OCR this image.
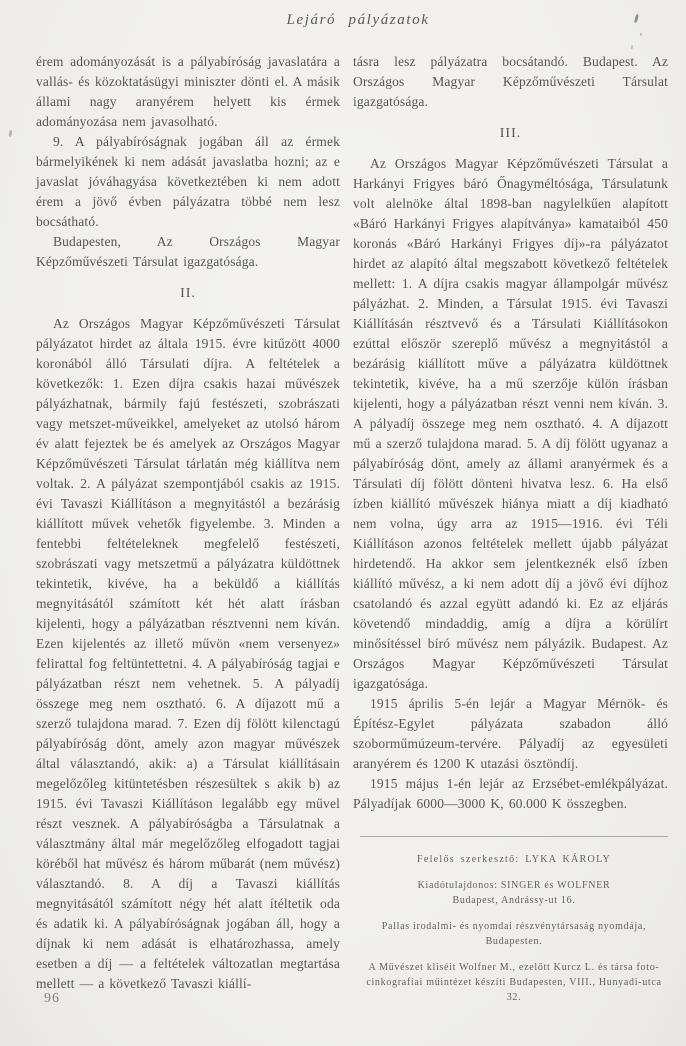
Lejáró pályázatok

érem adományozását is a pályabíróság javaslatára a vallás- és közoktatásügyi miniszter dönti el. A másik állami nagy aranyérem helyett kis érmek adományozása nem javasolható.

9. A pályabíróságnak jogában áll az érmek bármelyikének ki nem adását javaslatba hozni; az e javaslat jóváhagyása következtében ki nem adott érem a jövő évben pályázatra többé nem lesz bocsátható.

Budapesten, Az Országos Magyar Képzőművészeti Társulat igazgatósága.

II.

Az Országos Magyar Képzőművészeti Társulat pályázatot hirdet az általa 1915. évre kitűzött 4000 koronából álló Társulati díjra. A feltételek a következők: 1. Ezen díjra csakis hazai művészek pályázhatnak, bármily fajú festészeti, szobrászati vagy metszet-műveikkel, amelyeket az utolsó három év alatt fejeztek be és amelyek az Országos Magyar Képzőművészeti Társulat tárlatán még kiállítva nem voltak. 2. A pályázat szempontjából csakis az 1915. évi Tavaszi Kiállításon a megnyitástól a bezárásig kiállított művek vehetők figyelembe. 3. Minden a fentebbi feltételeknek megfelelő festészeti, szobrászati vagy metszetmű a pályázatra küldöttnek tekintetik, kivéve, ha a beküldő a kiállítás megnyitásától számított két hét alatt írásban kijelenti, hogy a pályázatban résztvenni nem kíván. Ezen kijelentés az illető művön «nem versenyez» felirattal fog feltüntettetni. 4. A pályabíróság tagjai e pályázatban részt nem vehetnek. 5. A pályadíj összege meg nem osztható. 6. A díjazott mű a szerző tulajdona marad. 7. Ezen díj fölött kilenctagú pályabíróság dönt, amely azon magyar művészek által választandó, akik: a) a Társulat kiállításain megelőzőleg kitüntetésben részesültek s akik b) az 1915. évi Tavaszi Kiállításon legalább egy művel részt vesznek. A pályabíróságba a Társulatnak a választmány által már megelőzőleg elfogadott tagjai köréből hat művész és három műbarát (nem művész) választandó. 8. A díj a Tavaszi kiállítás megnyitásától számított négy hét alatt ítéltetik oda és adatik ki. A pályabíróságnak jogában áll, hogy a díjnak ki nem adását is elhatározhassa, amely esetben a díj — a feltételek változatlan megtartása mellett — a következő Tavaszi kiállí-

tásra lesz pályázatra bocsátandó. Budapest. Az Országos Magyar Képzőművészeti Társulat igazgatósága.

III.

Az Országos Magyar Képzőművészeti Társulat a Harkányi Frigyes báró Őnagyméltósága, Társulatunk volt alelnöke által 1898-ban nagylelkűen alapított «Báró Harkányi Frigyes alapítványa» kamataiból 450 koronás «Báró Harkányi Frigyes díj»-ra pályázatot hirdet az alapító által megszabott következő feltételek mellett: 1. A díjra csakis magyar állampolgár művész pályázhat. 2. Minden, a Társulat 1915. évi Tavaszi Kiállításán résztvevő és a Társulati Kiállításokon ezúttal először szereplő művész a megnyitástól a bezárásig kiállított műve a pályázatra küldöttnek tekintetik, kivéve, ha a mű szerzője külön írásban kijelenti, hogy a pályázatban részt venni nem kíván. 3. A pályadíj összege meg nem osztható. 4. A díjazott mű a szerző tulajdona marad. 5. A díj fölött ugyanaz a pályabíróság dönt, amely az állami aranyérmek és a Társulati díj fölött dönteni hivatva lesz. 6. Ha első ízben kiállító művészek hiánya miatt a díj kiadható nem volna, úgy arra az 1915—1916. évi Téli Kiállításon azonos feltételek mellett újabb pályázat hirdetendő. Ha akkor sem jelentkeznék első ízben kiállító művész, a ki nem adott díj a jövő évi díjhoz csatolandó és azzal együtt adandó ki. Ez az eljárás követendő mindaddig, amíg a díjra a körülírt minősítéssel bíró művész nem pályázik. Budapest. Az Országos Magyar Képzőművészeti Társulat igazgatósága.

1915 április 5-én lejár a Magyar Mérnök- és Építész-Egylet pályázata szabadon álló szoborműmúzeum-tervére. Pályadíj az egyesületi aranyérem és 1200 K utazási ösztöndíj.

1915 május 1-én lejár az Erzsébet-emlékpályázat. Pályadíjak 6000—3000 K, 60.000 K összegben.

Felelős szerkesztő: LYKA KÁROLY
Kiadótulajdonos: SINGER és WOLFNER
Budapest, Andrássy-ut 16.
Pallas irodalmi- és nyomdai részvénytársaság nyomdája,
Budapesten.
A Művészet kliséit Wolfner M., ezelőtt Kurcz L. és társa foto-
cinkografiai műintézet készíti Budapesten, VIII., Hunyadi-utca 32.
96
